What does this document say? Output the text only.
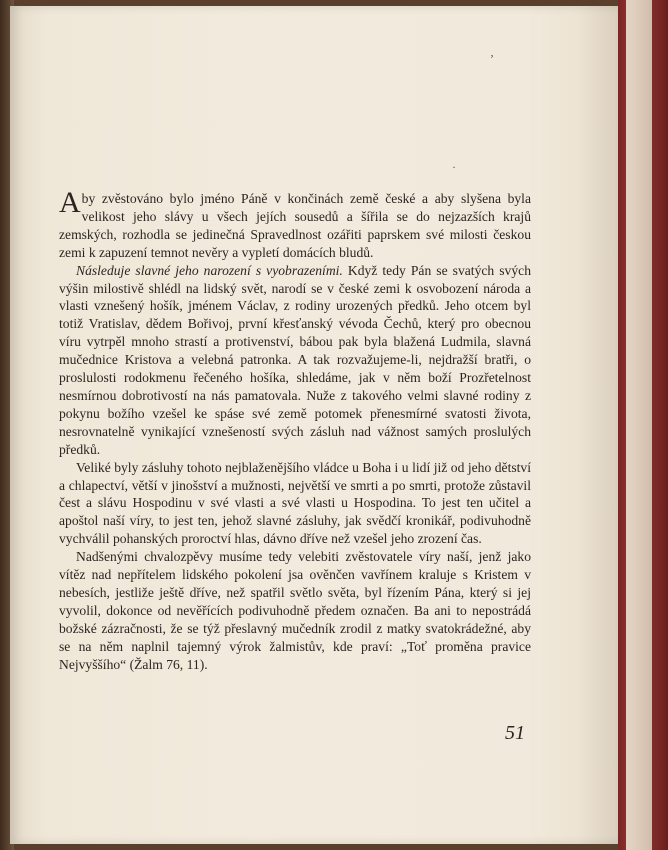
ʼ
·

Aby zvěstováno bylo jméno Páně v končinách země české a aby slyšena byla velikost jeho slávy u všech jejích sousedů a šířila se do nejzazších krajů zemských, rozhodla se jedinečná Spravedlnost ozářiti paprskem své milosti českou zemi k zapuzení temnot nevěry a vypletí domácích bludů.

Následuje slavné jeho narození s vyobrazeními. Když tedy Pán se svatých svých výšin milostivě shlédl na lidský svět, narodí se v české zemi k osvobození národa a vlasti vznešený hošík, jménem Václav, z rodiny urozených předků. Jeho otcem byl totiž Vratislav, dědem Bořivoj, první křesťanský vévoda Čechů, který pro obecnou víru vytrpěl mnoho strastí a protivenství, bábou pak byla blažená Ludmila, slavná mučednice Kristova a velebná patronka. A tak rozvažujeme-li, nejdražší bratři, o proslulosti rodokmenu řečeného hošíka, shledáme, jak v něm boží Prozřetelnost nesmírnou dobrotivostí na nás pamatovala. Nuže z takového velmi slavné rodiny z pokynu božího vzešel ke spáse své země potomek přenesmírné svatosti života, nesrovnatelně vynikající vznešeností svých zásluh nad vážnost samých proslulých předků.

Veliké byly zásluhy tohoto nejblaženějšího vládce u Boha i u lidí již od jeho dětství a chlapectví, větší v jinošství a mužnosti, největší ve smrti a po smrti, protože zůstavil čest a slávu Hospodinu v své vlasti a své vlasti u Hospodina. To jest ten učitel a apoštol naší víry, to jest ten, jehož slavné zásluhy, jak svědčí kronikář, podivuhodně vychválil pohanských proroctví hlas, dávno dříve než vzešel jeho zrození čas.

Nadšenými chvalozpěvy musíme tedy velebiti zvěstovatele víry naší, jenž jako vítěz nad nepřítelem lidského pokolení jsa ověnčen vavřínem kraluje s Kristem v nebesích, jestliže ještě dříve, než spatřil světlo světa, byl řízením Pána, který si jej vyvolil, dokonce od nevěřících podivuhodně předem označen. Ba ani to nepostrádá božské zázračnosti, že se týž přeslavný mučedník zrodil z matky svatokrádežné, aby se na něm naplnil tajemný výrok žalmistův, kde praví: „Toť proměna pravice Nejvyššího“ (Žalm 76, 11).

51
